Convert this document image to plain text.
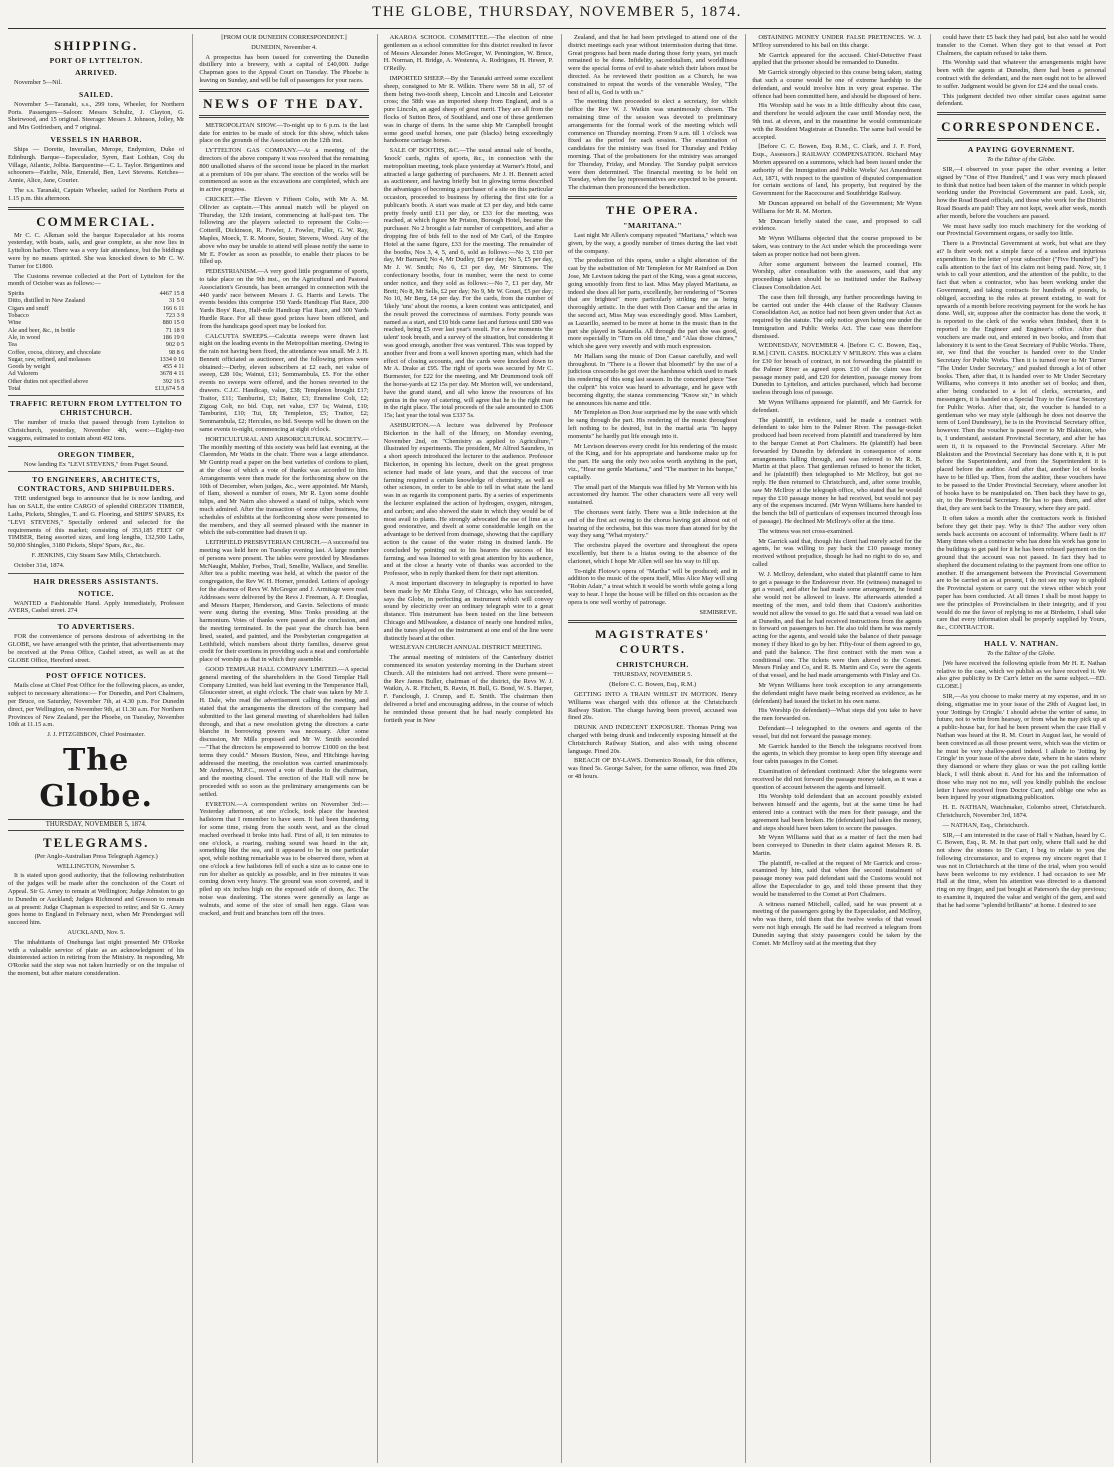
THE GLOBE, THURSDAY, NOVEMBER 5, 1874.
SHIPPING.
PORT OF LYTTELTON.
ARRIVED.

November 5—Nil.

SAILED.

November 5—Taranaki, s.s., 299 tons, Wheeler, for Northern Ports. Passengers—Saloon: Messrs Schultz, J. Clayton, G. Sheirwood, and 15 original. Steerage: Messrs J. Johnson, Jolley, Mr and Mrs Gotfriedsen, and 7 original.

VESSELS IN HARBOR.

Ships — Dorette, Inverallan, Merope, Endymion, Duke of Edinburgh. Barque—Especulador, Syren, East Lothian, Coq du Village, Atlantic, Jolbia. Barquentine—C. L. Taylor. Brigantines and schooners—Fairlie, Nile, Emerald, Ben, Levi Stevens. Ketches—Annie, Alice, Jane, Courier.

The s.s. Taranaki, Captain Wheeler, sailed for Northern Ports at 1.15 p.m. this afternoon.

COMMERCIAL.

Mr C. C. Alkman sold the barque Especulador at his rooms yesterday, with boats, sails, and gear complete, as she now lies in Lyttelton harbor. There was a very fair attendance, but the biddings were by no means spirited. She was knocked down to Mr C. W. Turner for £1800.

The Customs revenue collected at the Port of Lyttelton for the month of October was as follows:—

Spirits	4467 15 8
Ditto, distilled in New Zealand	31 5 0
Cigars and snuff	166 6 11
Tobacco	723 3 9
Wine	880 15 0
Ale and beer, &c., in bottle	71 18 9
Ale, in wood	186 19 0
Tea	902 0 5
Coffee, cocoa, chicory, and chocolate	98 8 6
Sugar, raw, refined, and molasses	1334 0 10
Goods by weight	455 4 11
Ad Valorem	3678 4 11
Other duties not specified above	392 16 5
Total	£13,674 5 8
TRAFFIC RETURN FROM LYTTELTON TO CHRISTCHURCH.

The number of trucks that passed through from Lyttelton to Christchurch, yesterday, November 4th, were:—Eighty-two waggons, estimated to contain about 492 tons.

OREGON TIMBER,

Now landing Ex "LEVI STEVENS," from Puget Sound.

TO ENGINEERS, ARCHITECTS, CONTRACTORS, AND SHIPBUILDERS.

THE undersigned begs to announce that he is now landing, and has on SALE, the entire CARGO of splendid OREGON TIMBER, Laths, Pickets, Shingles, T. and G. Flooring, and SHIPS' SPARS, Ex "LEVI STEVENS," Specially ordered and selected for the requirements of this market; consisting of 353,185 FEET OF TIMBER, Being assorted sizes, and long lengths, 132,500 Laths, 50,000 Shingles, 3180 Pickets, Ships' Spars, &c., &c.

F. JENKINS, City Steam Saw Mills, Christchurch.

October 31st, 1874.

HAIR DRESSERS ASSISTANTS.
NOTICE.

WANTED a Fashionable Hand. Apply immediately, Professor AYERS, Cashel street. 274

TO ADVERTISERS.

FOR the convenience of persons desirous of advertising in the GLOBE, we have arranged with the printer, that advertisements may be received at the Press Office, Cashel street, as well as at the GLOBE Office, Hereford street.

POST OFFICE NOTICES.

Mails close at Chief Post Office for the following places, as under, subject to necessary alterations:— For Dunedin, and Port Chalmers, per Bruce, on Saturday, November 7th, at 4.30 p.m. For Dunedin direct, per Wellington, on November 9th, at 11.30 a.m. For Northern Provinces of New Zealand, per the Phoebe, on Tuesday, November 10th at 11.15 a.m.

J. J. FITZGIBBON, Chief Postmaster.

The Globe.
THURSDAY, NOVEMBER 5, 1874.
TELEGRAMS.

(Per Anglo-Australian Press Telegraph Agency.)

WELLINGTON, November 5.

It is stated upon good authority, that the following redistribution of the judges will be made after the conclusion of the Court of Appeal. Sir G. Arney to remain at Wellington; Judge Johnston to go to Dunedin or Auckland; Judges Richmond and Gresson to remain as at present: Judge Chapman is expected to retire; and Sir G. Arney goes home to England in February next, when Mr Prendergast will succeed him.

AUCKLAND, Nov. 5.

The inhabitants of Onehunga last night presented Mr O'Rorke with a valuable service of plate as an acknowledgment of his disinterested action in retiring from the Ministry. In responding, Mr O'Rorke said the step was not taken hurriedly or on the impulse of the moment, but after mature consideration.

[FROM OUR DUNEDIN CORRESPONDENT.]

DUNEDIN, November 4.

A prospectus has been issued for converting the Dunedin distillery into a brewery, with a capital of £40,000. Judge Chapman goes to the Appeal Court on Tuesday. The Phoebe is leaving on Sunday, and will be full of passengers for your races.

NEWS OF THE DAY.

METROPOLITAN SHOW.—To-night up to 6 p.m. is the last date for entries to be made of stock for this show, which takes place on the grounds of the Association on the 12th inst.

LYTTELTON GAS COMPANY.—At a meeting of the directors of the above company it was resolved that the remaining 800 unallotted shares of the second issue be placed in the market at a premium of 10s per share. The erection of the works will be commenced as soon as the excavations are completed, which are in active progress.

CRICKET.—The Eleven v Fifteen Colts, with Mr A. M. Ollivier as captain.—This annual match will be played on Thursday, the 12th instant, commencing at half-past ten. The following are the players selected to represent the Colts:—Cotterill, Dickinson, R. Fowler, J. Fowler, Fuller, G. W. Ray, Maples, Moeck, T. R. Moore, Souter, Stevens, Wood. Any of the above who may be unable to attend will please notify the same to Mr E. Fowler as soon as possible, to enable their places to be filled up.

PEDESTRIANISM.—A very good little programme of sports, to take place on the 9th inst., on the Agricultural and Pastoral Association's Grounds, has been arranged in connection with the 440 yards' race between Messrs J. G. Harris and Lewis. The events besides this comprise 150 Yards Handicap Flat Race, 200 Yards Boys' Race, Half-mile Handicap Flat Race, and 300 Yards Hurdle Race. For all these good prizes have been offered, and from the handicaps good sport may be looked for.

CALCUTTA SWEEPS.—Calcutta sweeps were drawn last night on the leading events in the Metropolitan meeting. Owing to the rain not having been fixed, the attendance was small. Mr J. H. Bennett officiated as auctioneer, and the following prices were obtained:—Derby, eleven subscribers at £2 each, net value of sweep, £28 10s; Wainui, £11; Sommambula, £5. For the other events no sweeps were offered, and the horses reverted to the drawers. C.J.C. Handicap, value, £38; Templeton brought £17; Traitor, £11; Tamburini, £3; Batter, £3; Emmeline Colt, £2; Zigzag Colt, no bid. Cup, net value, £37 1s; Wainui, £10; Tamburini, £10; Tui, £8; Templeton, £5; Traitor, £2; Sommambula, £2; Hercules, no bid. Sweeps will be drawn on the same events to-night, commencing at eight o'clock.

HORTICULTURAL AND ARBORICULTURAL SOCIETY.—The monthly meeting of this society was held last evening, at the Clarendon, Mr Watts in the chair. There was a large attendance. Mr Guntrip read a paper on the best varieties of cordons to plant, at the close of which a vote of thanks was accorded to him. Arrangements were then made for the forthcoming show on the 10th of December, when judges, &c., were appointed. Mr Marsh, of Ilam, showed a number of roses, Mr R. Lyon some double tulips, and Mr Nairn also showed a stand of tulips, which were much admired. After the transaction of some other business, the schedules of exhibits at the forthcoming show were presented to the members, and they all seemed pleased with the manner in which the sub-committee had drawn it up.

LEITHFIELD PRESBYTERIAN CHURCH.—A successful tea meeting was held here on Tuesday evening last. A large number of persons were present. The tables were provided by Mesdames McNaught, Mahler, Forbes, Trail, Smellie, Wallace, and Smellie. After tea a public meeting was held, at which the pastor of the congregation, the Rev W. H. Horner, presided. Letters of apology for the absence of Revs W. McGregor and J. Armitage were read. Addresses were delivered by the Revs J. Freeman, A. F. Douglas, and Messrs Harper, Henderson, and Gavin. Selections of music were sung during the evening, Miss Tonks presiding at the harmonium. Votes of thanks were passed at the conclusion, and the meeting terminated. In the past year the church has been lined, seated, and painted, and the Presbyterian congregation at Leithfield, which numbers about thirty families, deserve great credit for their exertions in providing such a neat and comfortable place of worship as that in which they assemble.

GOOD TEMPLAR HALL COMPANY LIMITED.—A special general meeting of the shareholders in the Good Templar Hall Company Limited, was held last evening in the Temperance Hall, Gloucester street, at eight o'clock. The chair was taken by Mr J. H. Dale, who read the advertisement calling the meeting, and stated that the arrangements the directors of the company had submitted to the last general meeting of shareholders had fallen through, and that a new resolution giving the directors a carte blanche in borrowing powers was necessary. After some discussion, Mr Mills proposed and Mr W. Smith seconded—"That the directors be empowered to borrow £1000 on the best terms they could." Messrs Buxton, Ness, and Hitchings having addressed the meeting, the resolution was carried unanimously. Mr Andrews, M.P.C., moved a vote of thanks to the chairman, and the meeting closed. The erection of the Hall will now be proceeded with so soon as the preliminary arrangements can be settled.

EYRETON.—A correspondent writes on November 3rd:—Yesterday afternoon, at one o'clock, took place the heaviest hailstorm that I remember to have seen. It had been thundering for some time, rising from the south west, and as the cloud reached overhead it broke into hail. First of all, it ten minutes to one o'clock, a roaring, rushing sound was heard in the air, something like the sea, and it appeared to be in one particular spot, while nothing remarkable was to be observed there, when at one o'clock a few hailstones fell of such a size as to cause one to run for shelter as quickly as possible, and in five minutes it was coming down very heavy. The ground was soon covered, and it piled up six inches high on the exposed side of doors, &c. The noise was deafening. The stones were generally as large as walnuts, and some of the size of small hen eggs. Glass was cracked, and fruit and branches torn off the trees.

AKAROA SCHOOL COMMITTEE.—The election of nine gentlemen as a school committee for this district resulted in favor of Messrs Alexander Jones McGregor, W. Pennington, W. Bruce, H. Norman, H. Bridge, A. Westenra, A. Rodrigues, H. Hewer, P. O'Reilly.

IMPORTED SHEEP.—By the Taranaki arrived some excellent sheep, consigned to Mr R. Wilkin. There were 58 in all, 57 of them being two-tooth sheep, Lincoln and Lincoln and Leicester cross; the 58th was an imported sheep from England, and is a pure Lincoln, an aged sheep of great merit. They are all from the flocks of Sutton Bros, of Southland, and one of these gentlemen was in charge of them. In the same ship Mr Campbell brought some good useful horses, one pair (blacks) being exceedingly handsome carriage horses.

SALE OF BOOTHS, &C.—The usual annual sale of booths, 'knock' cards, rights of sports, &c., in connection with the metropolitan meeting, took place yesterday at Warner's Hotel, and attracted a large gathering of purchasers. Mr J. H. Bennett acted as auctioneer, and having briefly but in glowing terms described the advantages of becoming a purchaser of a site on this particular occasion, proceeded to business by offering the first site for a publican's booth. A start was made at £3 per day, and bids came pretty freely until £11 per day, or £33 for the meeting, was reached, at which figure Mr Priston, Borough Hotel, became the purchaser. No 2 brought a fair number of competitors, and after a dropping fire of bids fell to the nod of Mr Carl, of the Empire Hotel at the same figure, £33 for the meeting. The remainder of the booths, Nos 3, 4, 5, and 6, sold as follows:—No 3, £10 per day, Mr Barnard; No 4, Mr Dudley, £8 per day; No 5, £5 per day, Mr J. W. Smith; No 6, £3 per day, Mr Simmons. The confectionary booths, four in number, were the next to come under notice, and they sold as follows:—No 7, £1 per day, Mr Brett; No 8, Mr Sells, £2 per day; No 9, Mr W. Gouet, £5 per day; No 10, Mr Berg, £4 per day. For the cards, from the number of 'likely 'uns' about the rooms, a keen contest was anticipated, and the result proved the correctness of surmises. Forty pounds was named as a start, and £10 bids came fast and furious until £80 was reached, being £5 over last year's result. For a few moments 'the talent' took breath, and a survey of the situation, but considering it was good enough, another five was ventured. This was topped by another fiver and from a well known sporting man, which had the effect of closing accounts, and the cards were knocked down to Mr A. Drake at £95. The right of sports was secured by Mr C. Burmester, for £22 for the meeting, and Mr Drummond took off the horse-yards at £2 15s per day. Mr Morton will, we understand, have the grand stand, and all who know the resources of his genius in the way of catering, will agree that he is the right man in the right place. The total proceeds of the sale amounted to £306 15s; last year the total was £337 5s.

ASHBURTON.—A lecture was delivered by Professor Bickerton in the hall of the library, on Monday evening, November 2nd, on "Chemistry as applied to Agriculture," illustrated by experiments. The president, Mr Alfred Saunders, in a short speech introduced the lecturer to the audience. Professor Bickerton, in opening his lecture, dwelt on the great progress science had made of late years, and that the success of true farming required a certain knowledge of chemistry, as well as other sciences, in order to be able to tell in what state the land was in as regards its component parts. By a series of experiments the lecturer explained the action of hydrogen, oxygen, nitrogen, and carbon; and also showed the state in which they would be of most avail to plants. He strongly advocated the use of lime as a good restorative, and dwelt at some considerable length on the advantage to be derived from drainage, showing that the capillary action is the cause of the water rising in drained lands. He concluded by pointing out to his hearers the success of his farming, and was listened to with great attention by his audience, and at the close a hearty vote of thanks was accorded to the Professor, who in reply thanked them for their rapt attention.

A most important discovery in telegraphy is reported to have been made by Mr Elisha Gray, of Chicago, who has succeeded, says the Globe, in perfecting an instrument which will convey sound by electricity over an ordinary telegraph wire to a great distance. This instrument has been tested on the line between Chicago and Milwaukee, a distance of nearly one hundred miles, and the tunes played on the instrument at one end of the line were distinctly heard at the other.

WESLEYAN CHURCH ANNUAL DISTRICT MEETING.

The annual meeting of ministers of the Canterbury district commenced its session yesterday morning in the Durham street Church. All the ministers had not arrived. There were present—the Rev James Buller, chairman of the district, the Revs W. J. Watkin, A. R. Fitchett, B. Ravin, H. Bull, G. Bond, W. S. Harper, F. Fanclough, J. Crump, and E. Smith. The chairman then delivered a brief and encouraging address, in the course of which he reminded those present that he had nearly completed his fortieth year in New

Zealand, and that he had been privileged to attend one of the district meetings each year without intermission during that time. Great progress had been made during those forty years, yet much remained to be done. Infidelity, sacerdotalism, and worldliness were the special forms of evil to abate which their labors must be directed. As he reviewed their position as a Church, he was constrained to repeat the words of the venerable Wesley, "The best of all is, God is with us."

The meeting then proceeded to elect a secretary, for which office the Rev W. J. Watkin was unanimously chosen. The remaining time of the session was devoted to preliminary arrangements for the formal work of the meeting which will commence on Thursday morning. From 9 a.m. till 1 o'clock was fixed as the period for each session. The examination of candidates for the ministry was fixed for Thursday and Friday morning. That of the probationers for the ministry was arranged for Thursday, Friday, and Monday. The Sunday pulpit services were then determined. The financial meeting to be held on Tuesday, when the lay representatives are expected to be present. The chairman then pronounced the benediction.

THE OPERA.
"MARITANA."

Last night Mr Allen's company repeated "Maritana," which was given, by the way, a goodly number of times during the last visit of the company.

The production of this opera, under a slight alteration of the cast by the substitution of Mr Templeton for Mr Rainford as Don Jose, Mr Levison taking the part of the King, was a great success, going smoothly from first to last. Miss May played Maritana, as indeed she does all her parts, excellently, her rendering of "Scenes that are brightest" more particularly striking me as being thoroughly artistic. In the duet with Don Caesar and the arias in the second act, Miss May was exceedingly good. Miss Lambert, as Lazarillo, seemed to be more at home in the music than in the part she played in Satanella. All through the part she was good, more especially in "Turn on old time," and "Alas those chimes," which she gave very sweetly and with much expression.

Mr Hallam sang the music of Don Caesar carefully, and well throughout. In "There is a flower that bloometh" by the use of a judicious crescendo he got over the harshness which used to mark his rendering of this song last season. In the concerted piece "See the culprit" his voice was heard to advantage, and he gave with becoming dignity, the stanza commencing "Know sir," in which he announces his name and title.

Mr Templeton as Don Jose surprised me by the ease with which he sang through the part. His rendering of the music throughout left nothing to be desired, but in the martial aria "In happy moments" he hardly put life enough into it.

Mr Levison deserves every credit for his rendering of the music of the King, and for his appropriate and handsome make up for the part. He sang the only two solos worth anything in the part, viz., "Hear me gentle Maritana," and "The mariner in his barque," capitally.

The small part of the Marquis was filled by Mr Vernon with his accustomed dry humor. The other characters were all very well sustained.

The choruses went fairly. There was a little indecision at the end of the first act owing to the chorus having got almost out of hearing of the orchestra, but this was more than atoned for by the way they sang "What mystery."

The orchestra played the overture and throughout the opera excellently, but there is a hiatus owing to the absence of the clarionet, which I hope Mr Allen will see his way to fill up.

To-night Flotow's opera of "Martha" will be produced; and in addition to the music of the opera itself, Miss Alice May will sing "Robin Adair," a treat which it would be worth while going a long way to hear. I hope the house will be filled on this occasion as the opera is one well worthy of patronage.

SEMIBREVE.

MAGISTRATES' COURTS.
CHRISTCHURCH.

THURSDAY, NOVEMBER 5.

(Before C. C. Bowen, Esq., R.M.)

GETTING INTO A TRAIN WHILST IN MOTION. Henry Williams was charged with this offence at the Christchurch Railway Station. The charge having been proved, accused was fined 20s.

DRUNK AND INDECENT EXPOSURE. Thomas Pring was charged with being drunk and indecently exposing himself at the Christchurch Railway Station, and also with using obscene language. Fined 20s.

BREACH OF BY-LAWS. Domenico Rossali, for this offence, was fined 5s. George Salver, for the same offence, was fined 20s or 48 hours.

OBTAINING MONEY UNDER FALSE PRETENCES. W. J. M'Ilroy surrendered to his bail on this charge.

Mr Garrick appeared for the accused. Chief-Detective Feast applied that the prisoner should be remanded to Dunedin.

Mr Garrick strongly objected to this course being taken, stating that such a course would be one of extreme hardship to the defendant, and would involve him in very great expense. The offence had been committed here, and should be disposed of here.

His Worship said he was in a little difficulty about this case, and therefore he would adjourn the case until Monday next, the 9th inst. at eleven, and in the meantime he would communicate with the Resident Magistrate at Dunedin. The same bail would be accepted.

[Before C. C. Bowen, Esq. R.M., C. Clark, and J. F. Ford, Esqs., Assessors.] RAILWAY COMPENSATION. Richard May Morten appeared on a summons, which had been issued under the authority of the Immigration and Public Works' Act Amendment Act, 1871, with respect to the question of disputed compensation for certain sections of land, his property, but required by the Government for the Racecourse and Southbridge Railway.

Mr Duncan appeared on behalf of the Government; Mr Wynn Williams for Mr R. M. Morten.

Mr Duncan briefly stated the case, and proposed to call evidence.

Mr Wynn Williams objected that the course proposed to be taken, was contrary to the Act under which the proceedings were taken as proper notice had not been given.

After some argument between the learned counsel, His Worship, after consultation with the assessors, said that any proceedings taken should be so instituted under the Railway Clauses Consolidation Act.

The case then fell through, any further proceedings having to be carried out under the 44th clause of the Railway Clauses Consolidation Act, as notice had not been given under that Act as required by the statute. The only notice given being one under the Immigration and Public Works Act. The case was therefore dismissed.

WEDNESDAY, NOVEMBER 4. [Before C. C. Bowen, Esq., R.M.] CIVIL CASES. BUCKLEY V M'ILROY. This was a claim for £30 for breach of contract, in not forwarding the plaintiff to the Palmer River as agreed upon. £10 of the claim was for passage money paid, and £20 for detention, passage money from Dunedin to Lyttelton, and articles purchased, which had become useless through loss of passage.

Mr Wynn Williams appeared for plaintiff, and Mr Garrick for defendant.

The plaintiff, in evidence, said he made a contract with defendant to take him to the Palmer River. The passage-ticket produced had been received from plaintiff and transferred by him to the barque Comet at Port Chalmers. He (plaintiff) had been forwarded by Dunedin by defendant in consequence of some arrangements falling through, and was referred to Mr R. B. Martin at that place. That gentleman refused to honor the ticket, and he (plaintiff) then telegraphed to Mr McIlroy, but got no reply. He then returned to Christchurch, and, after some trouble, saw Mr McIlroy at the telegraph office, who stated that he would repay the £10 passage money he had received, but would not pay any of the expenses incurred. (Mr Wynn Williams here handed to the bench the bill of particulars of expenses incurred through loss of passage). He declined Mr McIlroy's offer at the time.

The witness was not cross-examined.

Mr Garrick said that, though his client had merely acted for the agents, he was willing to pay back the £10 passage money received without prejudice, though he had no right to do so, and called

W. J. McIlroy, defendant, who stated that plaintiff came to him to get a passage to the Endeavour river. He (witness) managed to get a vessel, and after he had made some arrangement, he found she would not be allowed to leave. He afterwards attended a meeting of the men, and told them that Custom's authorities would not allow the vessel to go. He said that a vessel was laid on at Dunedin, and that he had received instructions from the agents to forward on passengers to her. He also told them he was merely acting for the agents, and would take the balance of their passage money if they liked to go by her. Fifty-four of them agreed to go, and paid the balance. The first contract with the men was a conditional one. The tickets were then altered to the Comet. Messrs Finlay and Co, and R. B. Martin and Co, were the agents of that vessel, and he had made arrangements with Finlay and Co.

Mr Wynn Williams here took exception to any arrangements the defendant might have made being received as evidence, as he (defendant) had issued the ticket in his own name.

His Worship (to defendant)—What steps did you take to have the men forwarded on.

Defendant—I telegraphed to the owners and agents of the vessel, but did not forward the passage money.

Mr Garrick handed to the Bench the telegrams received from the agents, in which they promise to keep open fifty steerage and four cabin passages in the Comet.

Examination of defendant continued: After the telegrams were received he did not forward the passage money taken, as it was a question of account between the agents and himself.

His Worship told defendant that an account possibly existed between himself and the agents, but at the same time he had entered into a contract with the men for their passage, and the agreement had been broken. He (defendant) had taken the money, and steps should have been taken to secure the passages.

Mr Wynn Williams said that as a matter of fact the men had been conveyed to Dunedin in their claim against Messrs R. B. Martin.

The plaintiff, re-called at the request of Mr Garrick and cross-examined by him, said that when the second instalment of passage money was paid defendant said the Customs would not allow the Especulador to go, and told those present that they would be transferred to the Comet at Port Chalmers.

A witness named Mitchell, called, said he was present at a meeting of the passengers going by the Especulador, and McIlroy, who was there, told them that the twelve weeks of that vessel were not high enough. He said he had received a telegram from Dunedin saying that sixty passengers could be taken by the Comet. Mr McIlroy said at the meeting that they

could have their £5 back they had paid, but also said he would transfer to the Comet. When they got to that vessel at Port Chalmers, the captain refused to take them.

His Worship said that whatever the arrangements might have been with the agents at Dunedin, there had been a personal contract with the defendant, and the men ought not to be allowed to suffer. Judgment would be given for £24 and the usual costs.

This judgment decided two other similar cases against same defendant.

CORRESPONDENCE.
A PAYING GOVERNMENT.

To the Editor of the Globe.

SIR,—I observed in your paper the other evening a letter signed by "One of Five Hundred," and I was very much pleased to think that notice had been taken of the manner in which people working under the Provincial Government are paid. Look, sir, how the Road Board officials, and those who work for the District Road Boards are paid! They are not kept, week after week, month after month, before the vouchers are passed.

We must have sadly too much machinery for the working of our Provincial Government organs, or sadly too little.

There is a Provincial Government at work, but what are they at? Is their work not a simple farce of a useless and injurious expenditure. In the letter of your subscriber ("Five Hundred") he calls attention to the fact of his claim not being paid. Now, sir, I wish to call your attention, and the attention of the public, to the fact that when a contractor, who has been working under the Government, and taking contracts for hundreds of pounds, is obliged, according to the rules at present existing, to wait for upwards of a month before receiving payment for the work he has done. Well, sir, suppose after the contractor has done the work, it is reported to the clerk of the works when finished, then it is reported to the Engineer and Engineer's office. After that vouchers are made out, and entered in two books, and from that laboratory it is sent to the Great Secretary of Public Works. There, sir, we find that the voucher is handed over to the Under Secretary for Public Works. Then it is turned over to Mr Turner "The Under Under Secretary," and pushed through a lot of other books. Then, after that, it is handed over to Mr Under Secretary Williams, who conveys it into another set of books; and then, after being conducted to a lot of clerks, secretaries, and messengers, it is handed on a Special Tray to the Great Secretary for Public Works. After that, sir, the voucher is handed to a gentleman who we may style (although he does not deserve the term of Lord Dundreary), he is in the Provincial Secretary office, however. Then the voucher is passed over to Mr Blakiston, who is, I understand, assistant Provincial Secretary, and after he has seen it, it is repassed to the Provincial Secretary. After Mr Blakiston and the Provincial Secretary has done with it, it is put before the Superintendent, and from the Superintendent it is placed before the auditor. And after that, another lot of books have to be filled up. Then, from the auditor, these vouchers have to be passed to the Under Provincial Secretary, where another lot of books have to be manipulated on. Then back they have to go, sir, to the Provincial Secretary. He has to pass them, and after that, they are sent back to the Treasury, where they are paid.

It often takes a month after the contractors work is finished before they get their pay. Why is this? The author very often sends back accounts on account of informality. Where fault is it? Many times when a contractor who has done his work has gone to the buildings to get paid for it he has been refused payment on the ground that the account was not passed. In fact they had to shepherd the document relating to the payment from one office to another. If the arrangement between the Provincial Government are to be carried on as at present, I do not see my way to uphold the Provincial system or carry out the views either which your paper has been conducted. At all times I shall be most happy to see the principles of Provincialism in their integrity, and if you would do me the favor of replying to me at Birdseim, I shall take care that every information shall be properly supplied by Yours, &c., CONTRACTOR.

HALL V. NATHAN.

To the Editor of the Globe.

[We have received the following epistle from Mr H. E. Nathan relative to the case, which we publish as we have received it. We also give publicity to Dr Carr's letter on the same subject.—ED. GLOBE.]

SIR,—As you choose to make merry at my expense, and in so doing, stigmatise me in your issue of the 29th of August last, in your 'Jottings by Cringle.' I should advise the writer of same, in future, not to write from hearsay, or from what he may pick up at a public-house bar, for had he been present when the case Hall v Nathan was heard at the R. M. Court in August last, he would of been convinced as all those present were, which was the victim or he must be very shallow-pated indeed. I allude to 'Jotting by Cringle' in your issue of the above date, where in he states where they diamond or where they glass or was the pot calling kettle black, I will think about it. And for his and the information of those who may not no me, will you kindly publish the enclose letter I have received from Doctor Carr, and oblige one who as been injured by your stigmatising publication.

H. E. NATHAN, Watchmaker, Colombo street, Christchurch. Christchurch, November 3rd, 1874.

— NATHAN, Esq., Christchurch.

SIR,—I am interested in the case of Hall v Nathan, heard by C. C. Bowen, Esq., R. M. In that part only, where Hall said he did not show the stones to Dr Carr, I beg to relate to you the following circumstance, and to express my sincere regret that I was not in Christchurch at the time of the trial, when you would have been welcome to my evidence. I had occasion to see Mr Hall at the time, when his attention was directed to a diamond ring on my finger, and just bought at Paterson's the day previous; to examine it, inquired the value and weight of the gem, and said that he had some "splendid brilliants" at home. I desired to see
